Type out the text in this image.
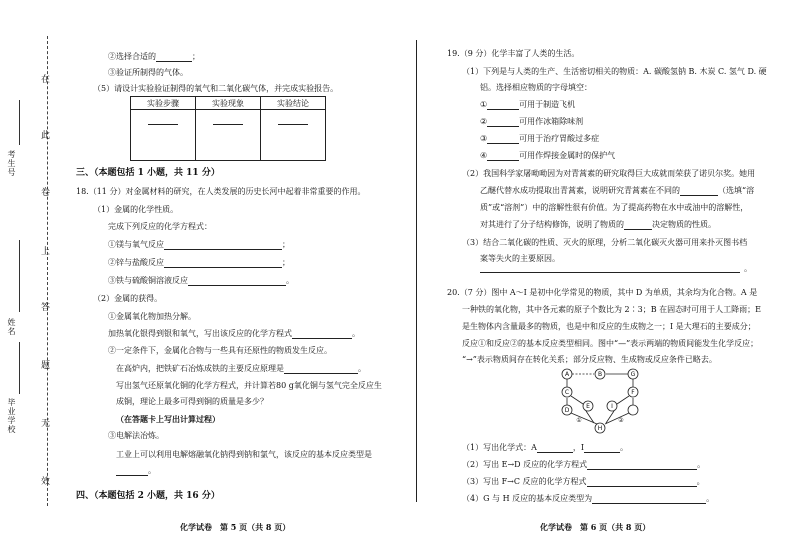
在
此
卷
上
答
题
无
效
考生号
姓名
毕业学校
②选择合适的	；
③验证所制得的气体。
（5）请设计实验验证制得的氧气和二氧化碳气体，并完成实验报告。
实验步骤	实验现象	实验结论

三、（本题包括 1 小题，共 11 分）
18.（11 分）对金属材料的研究，在人类发展的历史长河中起着非常重要的作用。
（1）金属的化学性质。
完成下列反应的化学方程式：
①镁与氧气反应	；
②锌与盐酸反应	；
③铁与硫酸铜溶液反应	。
（2）金属的获得。
①金属氧化物加热分解。
加热氧化银得到银和氧气，写出该反应的化学方程式	。
②一定条件下，金属化合物与一些具有还原性的物质发生反应。
在高炉内，把铁矿石冶炼成铁的主要反应原理是	。
写出氢气还原氧化铜的化学方程式，并计算若80 g氧化铜与氢气完全反应生
成铜，理论上最多可得到铜的质量是多少？
（在答题卡上写出计算过程）
③电解法冶炼。
工业上可以利用电解熔融氧化钠得到钠和氯气，该反应的基本反应类型是
。
四、（本题包括 2 小题，共 16 分）
化学试卷　第 5 页（共 8 页）
19.（9 分）化学丰富了人类的生活。
（1）下列是与人类的生产、生活密切相关的物质：A. 碳酸氢钠 B. 木炭 C. 氢气 D. 硬
铝。选择相应物质的字母填空：
①	可用于制造飞机
②	可用作冰箱除味剂
③	可用于治疗胃酸过多症
④	可用作焊接金属时的保护气
（2）我国科学家屠呦呦因为对青蒿素的研究取得巨大成就而荣获了诺贝尔奖。她用
乙醚代替水成功提取出青蒿素，说明研究青蒿素在不同的	（选填“溶
质”或“溶剂”）中的溶解性很有价值。为了提高药物在水中或油中的溶解性，
对其进行了分子结构修饰，说明了物质的	决定物质的性质。
（3）结合二氧化碳的性质、灭火的原理，分析二氧化碳灭火器可用来扑灭图书档
案等失火的主要原因。
。
20.（7 分）图中 A～I 是初中化学常见的物质，其中 D 为单质，其余均为化合物。A 是
一种铁的氧化物，其中各元素的原子个数比为 2∶3；B 在固态时可用于人工降雨；E
是生物体内含量最多的物质，也是中和反应的生成物之一；I 是大理石的主要成分；
反应①和反应②的基本反应类型相同。图中“—”表示两端的物质间能发生化学反应；
“→”表示物质间存在转化关系；部分反应物、生成物或反应条件已略去。
A	B	G
C	F
D
E	I
H
①	②
（1）写出化学式：A	，I	。
（2）写出 E→D 反应的化学方程式	。
（3）写出 F→C 反应的化学方程式	。
（4）G 与 H 反应的基本反应类型为	。
化学试卷　第 6 页（共 8 页）
